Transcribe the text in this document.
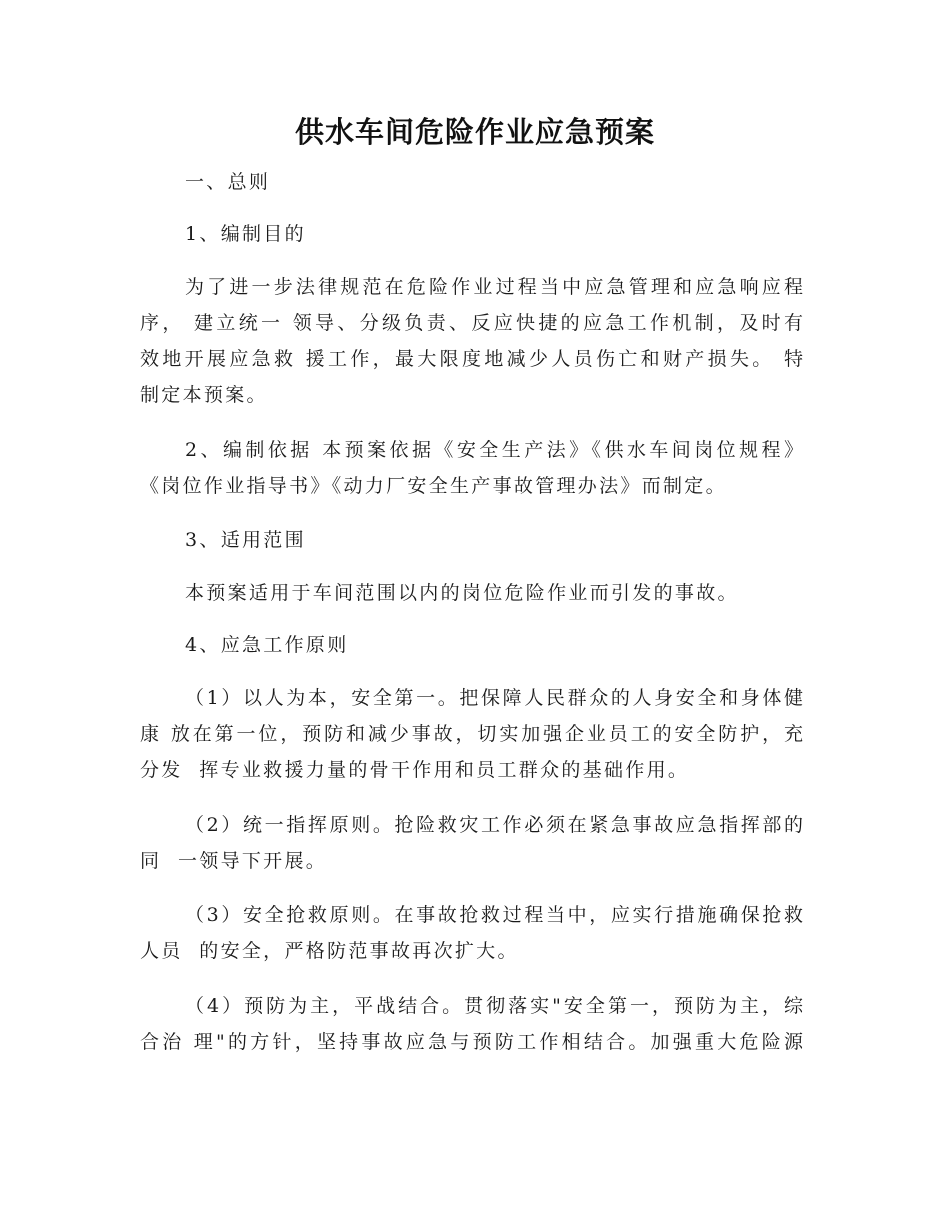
供水车间危险作业应急预案
一、总则
1、编制目的
为了进一步法律规范在危险作业过程当中应急管理和应急响应程
序， 建立统一 领导、分级负责、反应快捷的应急工作机制，及时有
效地开展应急救 援工作，最大限度地减少人员伤亡和财产损失。 特
制定本预案。
2、编制依据 本预案依据《安全生产法》《供水车间岗位规程》
《岗位作业指导书》《动力厂安全生产事故管理办法》而制定。
3、适用范围
本预案适用于车间范围以内的岗位危险作业而引发的事故。
4、应急工作原则
（1）以人为本，安全第一。把保障人民群众的人身安全和身体健
康 放在第一位，预防和减少事故，切实加强企业员工的安全防护，充
分发  挥专业救援力量的骨干作用和员工群众的基础作用。
（2）统一指挥原则。抢险救灾工作必须在紧急事故应急指挥部的
同  一领导下开展。
（3）安全抢救原则。在事故抢救过程当中，应实行措施确保抢救
人员  的安全，严格防范事故再次扩大。
（4）预防为主，平战结合。贯彻落实"安全第一，预防为主，综
合治 理"的方针，坚持事故应急与预防工作相结合。加强重大危险源
